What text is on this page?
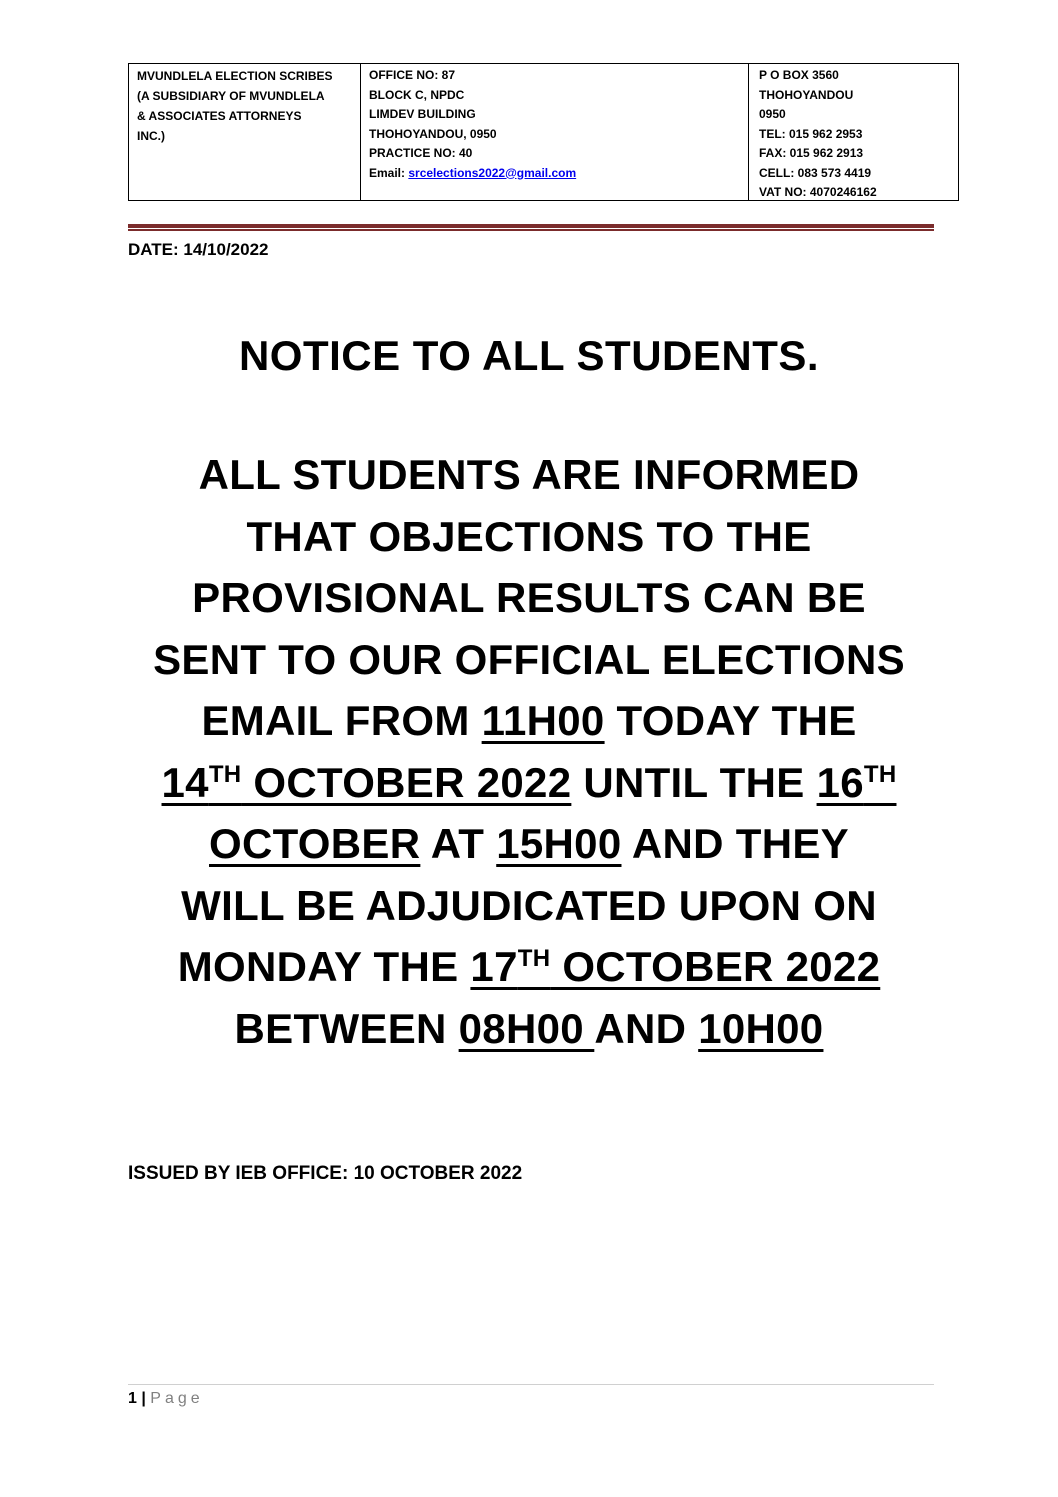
MVUNDLELA ELECTION SCRIBES
(A SUBSIDIARY OF MVUNDLELA
& ASSOCIATES ATTORNEYS
INC.)
OFFICE NO: 87
BLOCK C, NPDC
LIMDEV BUILDING
THOHOYANDOU, 0950
PRACTICE NO: 40
Email: srcelections2022@gmail.com
P O BOX 3560
THOHOYANDOU
0950
TEL: 015 962 2953
FAX: 015 962 2913
CELL: 083 573 4419
VAT NO: 4070246162
DATE: 14/10/2022
NOTICE TO ALL STUDENTS.
ALL STUDENTS ARE INFORMED
THAT OBJECTIONS TO THE
PROVISIONAL RESULTS CAN BE
SENT TO OUR OFFICIAL ELECTIONS
EMAIL FROM 11H00 TODAY THE
14TH OCTOBER 2022 UNTIL THE 16TH
OCTOBER AT 15H00 AND THEY
WILL BE ADJUDICATED UPON ON
MONDAY THE 17TH OCTOBER 2022
BETWEEN 08H00 AND 10H00
ISSUED BY IEB OFFICE: 10 OCTOBER 2022
1 | Page
